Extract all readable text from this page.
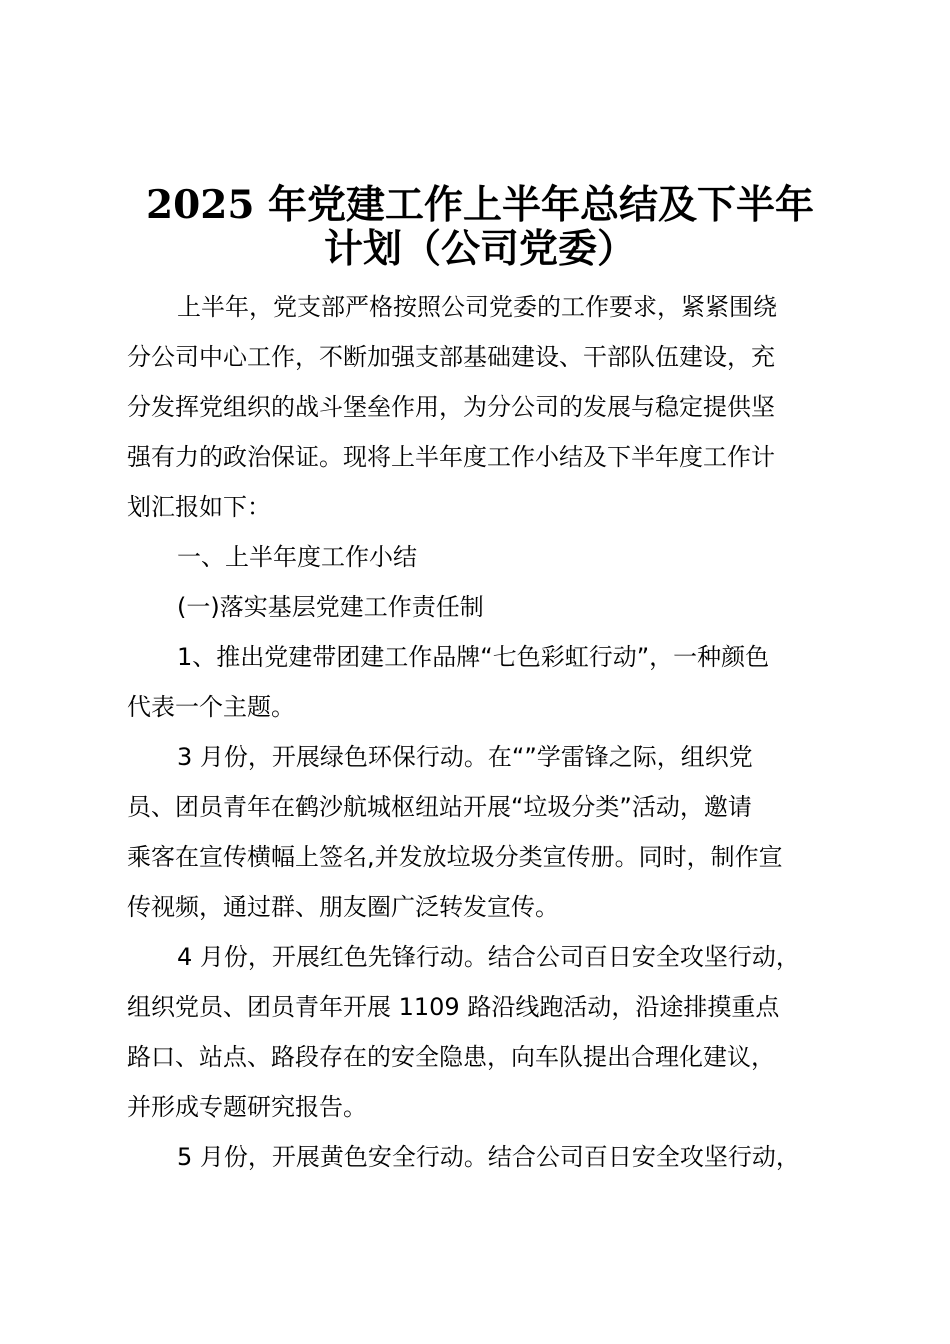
2025 年党建工作上半年总结及下半年
计划（公司党委）

上半年，党支部严格按照公司党委的工作要求，紧紧围绕
分公司中心工作，不断加强支部基础建设、干部队伍建设，充
分发挥党组织的战斗堡垒作用，为分公司的发展与稳定提供坚
强有力的政治保证。现将上半年度工作小结及下半年度工作计
划汇报如下：

一、上半年度工作小结

(一)落实基层党建工作责任制

1、推出党建带团建工作品牌“七色彩虹行动”，一种颜色
代表一个主题。

3 月份，开展绿色环保行动。在“”学雷锋之际，组织党
员、团员青年在鹤沙航城枢纽站开展“垃圾分类”活动，邀请
乘客在宣传横幅上签名,并发放垃圾分类宣传册。同时，制作宣
传视频，通过群、朋友圈广泛转发宣传。

4 月份，开展红色先锋行动。结合公司百日安全攻坚行动，
组织党员、团员青年开展 1109 路沿线跑活动，沿途排摸重点
路口、站点、路段存在的安全隐患，向车队提出合理化建议，
并形成专题研究报告。

5 月份，开展黄色安全行动。结合公司百日安全攻坚行动，
